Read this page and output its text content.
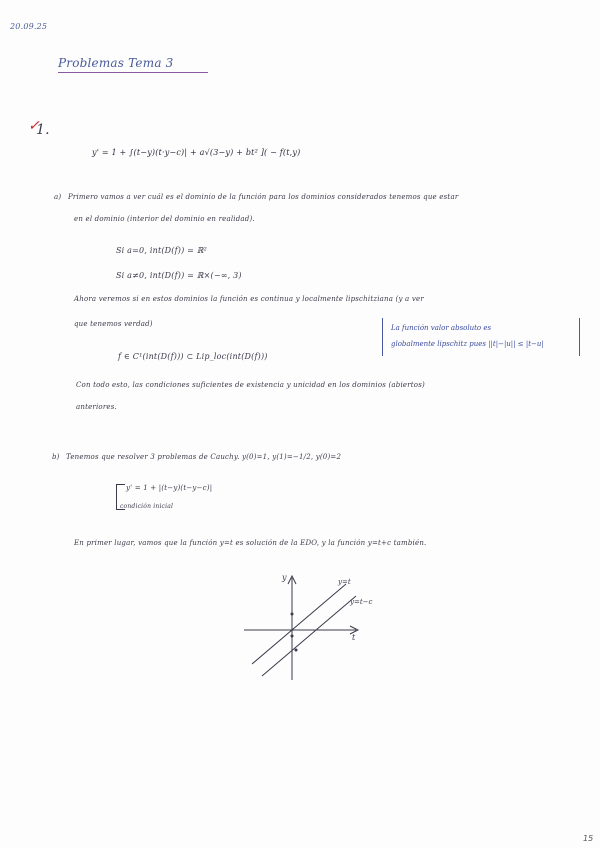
20.09.25
Problemas Tema 3
✓
1.
y' = 1 + ∫(t−y)(t·y−c)| + a√(3−y) + bt² ]( − f(t,y)
a) Primero vamos a ver cuál es el dominio de la función para los dominios considerados tenemos que estar
en el dominio (interior del dominio en realidad).
Si a=0, int(D(f)) = ℝ²
Si a≠0, int(D(f)) = ℝ×(−∞, 3)
Ahora veremos si en estos dominios la función es continua y localmente lipschitziana (y a ver
que tenemos verdad)	La función valor absoluto es
globalmente lipschitz pues ||t|−|u|| ≤ |t−u|
f ∈ C¹(int(D(f))) ⊂ Lip_loc(int(D(f)))
Con todo esto, las condiciones suficientes de existencia y unicidad en los dominios (abiertos)
anteriores.
b) Tenemos que resolver 3 problemas de Cauchy. y(0)=1, y(1)=−1/2, y(0)=2
y' = 1 + |(t−y)(t−y−c)|
condición inicial
En primer lugar, vamos que la función y=t es solución de la EDO, y la función y=t+c también.
y
t
y=t
y=t−c
15
